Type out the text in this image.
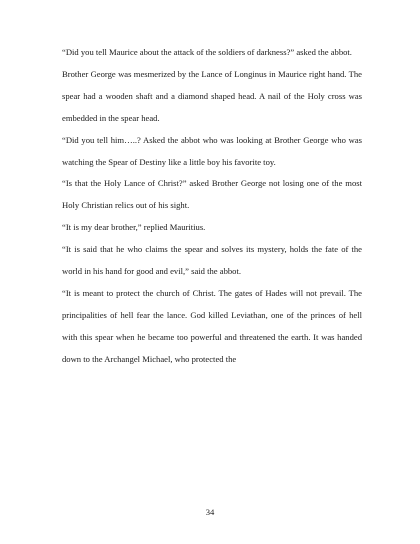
“Did you tell Maurice about the attack of the soldiers of darkness?” asked the abbot.

Brother George was mesmerized by the Lance of Longinus in Maurice right hand. The spear had a wooden shaft and a diamond shaped head. A nail of the Holy cross was embedded in the spear head.

“Did you tell him…..? Asked the abbot who was looking at Brother George who was watching the Spear of Destiny like a little boy his favorite toy.

“Is that the Holy Lance of Christ?” asked Brother George not losing one of the most Holy Christian relics out of his sight.

“It is my dear brother,” replied Mauritius.

“It is said that he who claims the spear and solves its mystery, holds the fate of the world in his hand for good and evil,” said the abbot.

“It is meant to protect the church of Christ. The gates of Hades will not prevail. The principalities of hell fear the lance. God killed Leviathan, one of the princes of hell with this spear when he became too powerful and threatened the earth. It was handed down to the Archangel Michael, who protected the

34
